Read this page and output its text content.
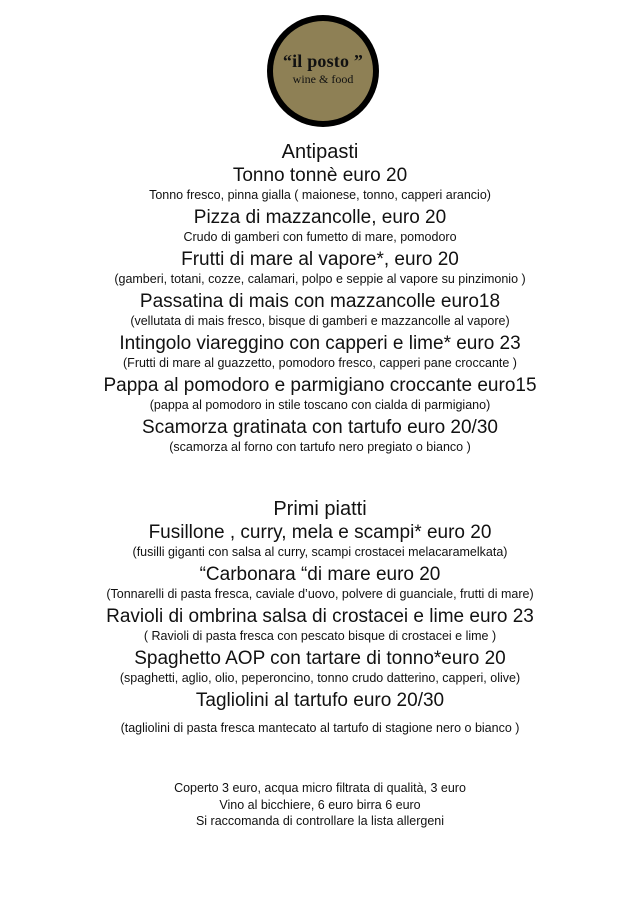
“il posto ”
wine & food
Antipasti

Tonno tonnè euro 20

Tonno fresco, pinna gialla ( maionese, tonno, capperi arancio)

Pizza di mazzancolle, euro 20

Crudo di gamberi con fumetto di mare, pomodoro

Frutti di mare al vapore*, euro 20

(gamberi, totani, cozze, calamari, polpo e seppie al vapore su pinzimonio )

Passatina di mais con mazzancolle euro18

(vellutata di mais fresco, bisque di gamberi e mazzancolle al vapore)

Intingolo viareggino con capperi e lime* euro 23

(Frutti di mare al guazzetto, pomodoro fresco, capperi pane croccante )

Pappa al pomodoro e parmigiano croccante euro15

(pappa al pomodoro in stile toscano con cialda di parmigiano)

Scamorza gratinata con tartufo euro 20/30

(scamorza al forno con tartufo nero pregiato o bianco )

Primi piatti

Fusillone , curry, mela e scampi* euro 20

(fusilli giganti con salsa al curry, scampi crostacei melacaramelkata)

“Carbonara “di mare euro 20

(Tonnarelli di pasta fresca, caviale d’uovo, polvere di guanciale, frutti di mare)

Ravioli di ombrina salsa di crostacei e lime euro 23

( Ravioli di pasta fresca con pescato bisque di crostacei e lime )

Spaghetto AOP con tartare di tonno*euro 20

(spaghetti, aglio, olio, peperoncino, tonno crudo datterino, capperi, olive)

Tagliolini al tartufo euro 20/30

(tagliolini di pasta fresca mantecato al tartufo di stagione nero o bianco )

Coperto 3 euro, acqua micro filtrata di qualità, 3 euro

Vino al bicchiere, 6 euro birra 6 euro

Si raccomanda di controllare la lista allergeni
